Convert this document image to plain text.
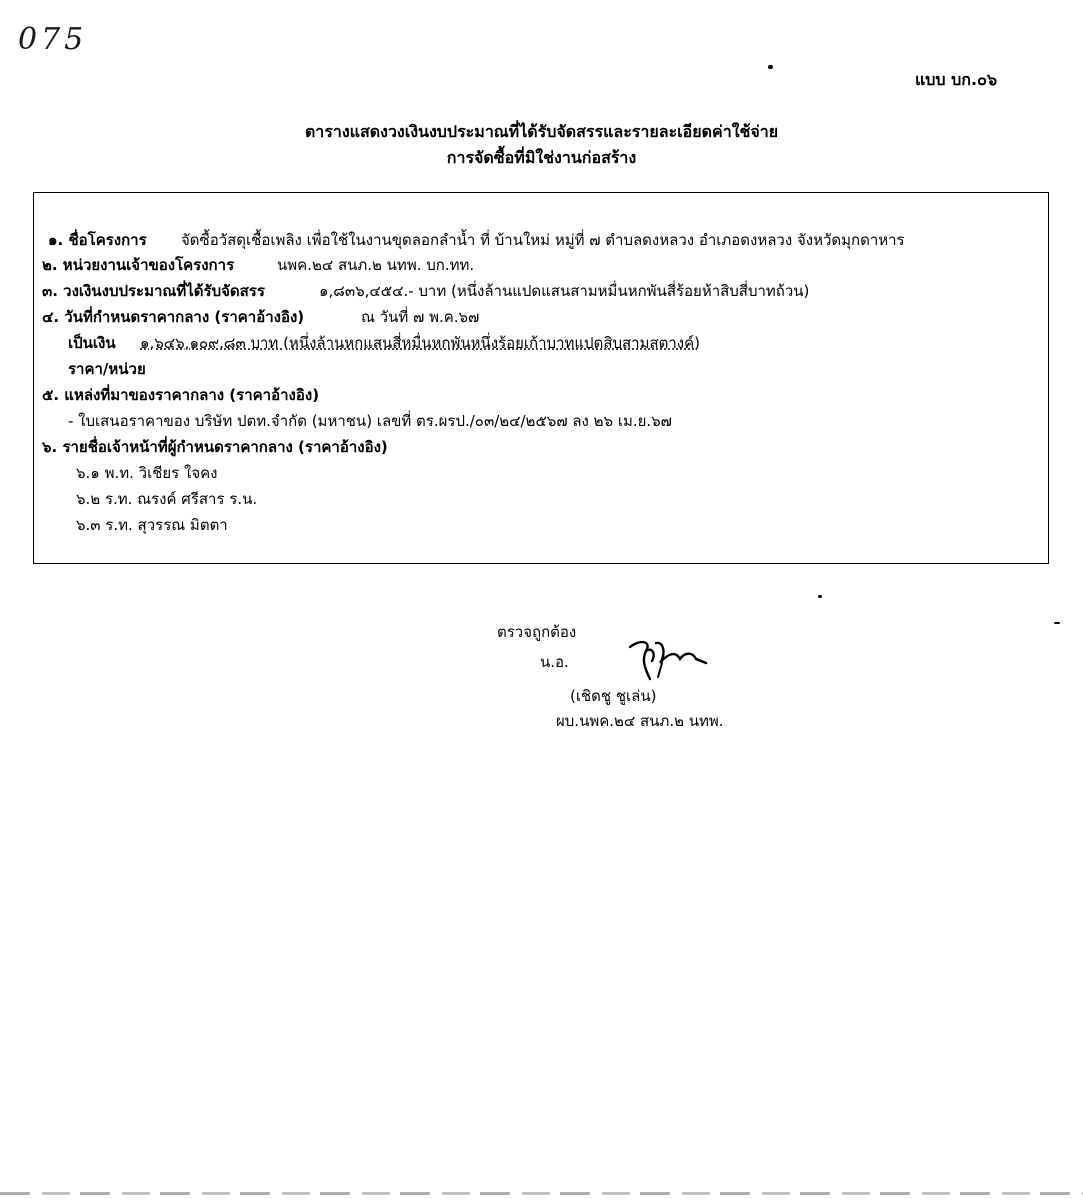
075
แบบ บก.๐๖
ตารางแสดงวงเงินงบประมาณที่ได้รับจัดสรรและรายละเอียดค่าใช้จ่าย
การจัดซื้อที่มิใช่งานก่อสร้าง
๑. ชื่อโครงการ จัดซื้อวัสดุเชื้อเพลิง เพื่อใช้ในงานขุดลอกลำน้ำ ที่ บ้านใหม่ หมู่ที่ ๗ ตำบลดงหลวง อำเภอดงหลวง จังหวัดมุกดาหาร
๒. หน่วยงานเจ้าของโครงการ	นพค.๒๔ สนภ.๒ นทพ. บก.ทท.
๓. วงเงินงบประมาณที่ได้รับจัดสรร	๑,๘๓๖,๔๕๔.- บาท (หนึ่งล้านแปดแสนสามหมื่นหกพันสี่ร้อยห้าสิบสี่บาทถ้วน)
๔. วันที่กำหนดราคากลาง (ราคาอ้างอิง)	ณ วันที่ ๗ พ.ค.๖๗
เป็นเงิน ๑,๖๔๖,๑๐๙.๘๓ บาท (หนึ่งล้านหกแสนสี่หมื่นหกพันหนึ่งร้อยเก้าบาทแปดสิบสามสตางค์)
ราคา/หน่วย
๕. แหล่งที่มาของราคากลาง (ราคาอ้างอิง)
- ใบเสนอราคาของ บริษัท ปตท.จำกัด (มหาชน) เลขที่ ตร.ผรป./๐๓/๒๔/๒๕๖๗ ลง ๒๖ เม.ย.๖๗
๖. รายชื่อเจ้าหน้าที่ผู้กำหนดราคากลาง (ราคาอ้างอิง)
๖.๑ พ.ท. วิเชียร ใจคง
๖.๒ ร.ท. ณรงค์ ศรีสาร ร.น.
๖.๓ ร.ท. สุวรรณ มิตตา
ตรวจถูกต้อง
น.อ.
(เชิดชู ชูเล่น)
ผบ.นพค.๒๔ สนภ.๒ นทพ.
